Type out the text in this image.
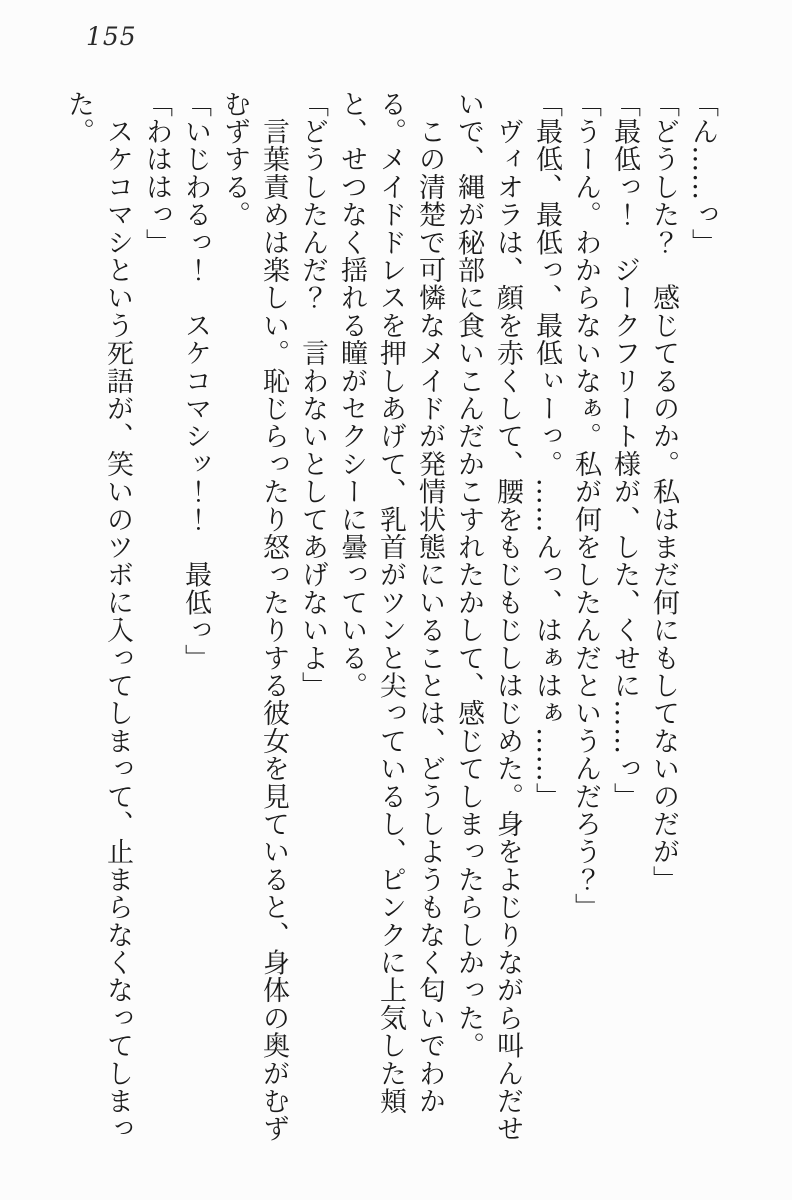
155

「ん……っ」

「どうした？　感じてるのか。私はまだ何にもしてないのだが」

「最低っ！　ジークフリート様が、した、くせに……っ」

「うーん。わからないなぁ。私が何をしたんだというんだろう？」

「最低、最低っ、最低ぃーっ。……んっ、はぁはぁ……」

　ヴィオラは、顔を赤くして、腰をもじもじしはじめた。身をよじりながら叫んだせいで、縄が秘部に食いこんだかこすれたかして、感じてしまったらしかった。

　この清楚で可憐なメイドが発情状態にいることは、どうしようもなく匂いでわかる。メイドドレスを押しあげて、乳首がツンと尖っているし、ピンクに上気した頬と、せつなく揺れる瞳がセクシーに曇っている。

「どうしたんだ？　言わないとしてあげないよ」

　言葉責めは楽しい。恥じらったり怒ったりする彼女を見ていると、身体の奥がむずむずする。

「いじわるっ！　スケコマシッ！！　最低っ」

「わははっ」

　スケコマシという死語が、笑いのツボに入ってしまって、止まらなくなってしまった。
